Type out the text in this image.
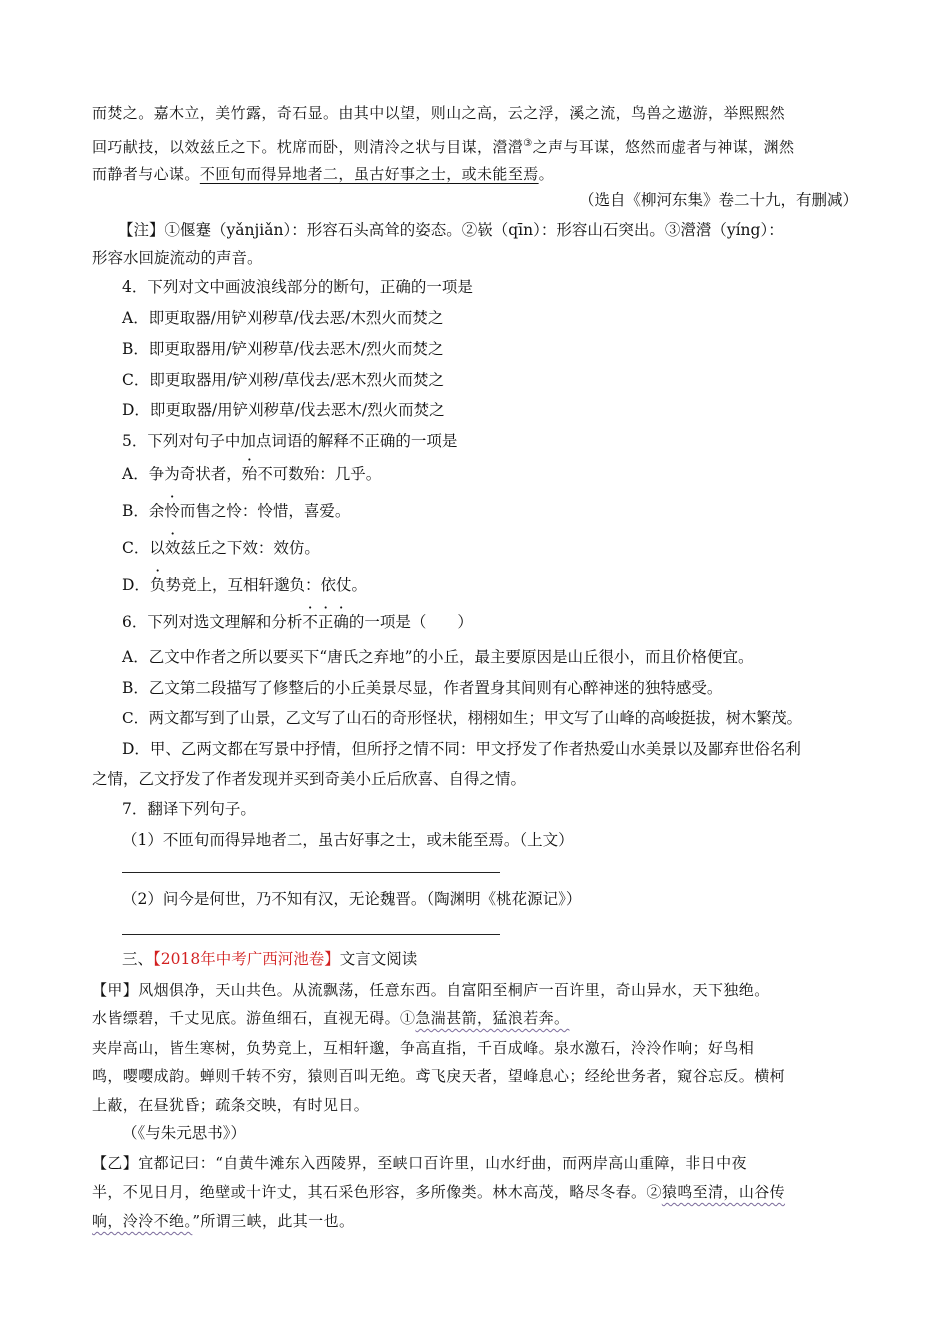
而焚之。嘉木立，美竹露，奇石显。由其中以望，则山之高，云之浮，溪之流，鸟兽之遨游，举熙熙然
回巧献技，以效兹丘之下。枕席而卧，则清泠之状与目谋，瀯瀯③之声与耳谋，悠然而虚者与神谋，渊然
而静者与心谋。不匝旬而得异地者二，虽古好事之士，或未能至焉。
（选自《柳河东集》卷二十九，有删减）
【注】①偃蹇（yǎnjiǎn）：形容石头高耸的姿态。②嵚（qīn）：形容山石突出。③瀯瀯（yíng）：
形容水回旋流动的声音。
4．下列对文中画波浪线部分的断句，正确的一项是
A．即更取器/用铲刈秽草/伐去恶/木烈火而焚之
B．即更取器用/铲刈秽草/伐去恶木/烈火而焚之
C．即更取器用/铲刈秽/草伐去/恶木烈火而焚之
D．即更取器/用铲刈秽草/伐去恶木/烈火而焚之
5．下列对句子中加点词语的解释不正确的一项是
A．争为奇状者，殆不可数殆：几乎。
B．余怜而售之怜：怜惜，喜爱。
C．以效兹丘之下效：效仿。
D．负势竞上，互相轩邈负：依仗。
6．下列对选文理解和分析不正确的一项是（　　）
A．乙文中作者之所以要买下“唐氏之弃地”的小丘，最主要原因是山丘很小，而且价格便宜。
B．乙文第二段描写了修整后的小丘美景尽显，作者置身其间则有心醉神迷的独特感受。
C．两文都写到了山景，乙文写了山石的奇形怪状，栩栩如生；甲文写了山峰的高峻挺拔，树木繁茂。
D．甲、乙两文都在写景中抒情，但所抒之情不同：甲文抒发了作者热爱山水美景以及鄙弃世俗名利
之情，乙文抒发了作者发现并买到奇美小丘后欣喜、自得之情。
7．翻译下列句子。
（1）不匝旬而得异地者二，虽古好事之士，或未能至焉。（上文）
（2）问今是何世，乃不知有汉，无论魏晋。（陶渊明《桃花源记》）
三、【2018年中考广西河池卷】文言文阅读
【甲】风烟俱净，天山共色。从流飘荡，任意东西。自富阳至桐庐一百许里，奇山异水，天下独绝。
水皆缥碧，千丈见底。游鱼细石，直视无碍。①急湍甚箭，猛浪若奔。
夹岸高山，皆生寒树，负势竞上，互相轩邈，争高直指，千百成峰。泉水激石，泠泠作响；好鸟相
鸣，嘤嘤成韵。蝉则千转不穷，猿则百叫无绝。鸢飞戾天者，望峰息心；经纶世务者，窥谷忘反。横柯
上蔽，在昼犹昏；疏条交映，有时见日。
（《与朱元思书》）
【乙】宜都记曰：“自黄牛滩东入西陵界，至峡口百许里，山水纡曲，而两岸高山重障，非日中夜
半，不见日月，绝壁或十许丈，其石采色形容，多所像类。林木高茂，略尽冬春。②猿鸣至清，山谷传
响，泠泠不绝。”所谓三峡，此其一也。
